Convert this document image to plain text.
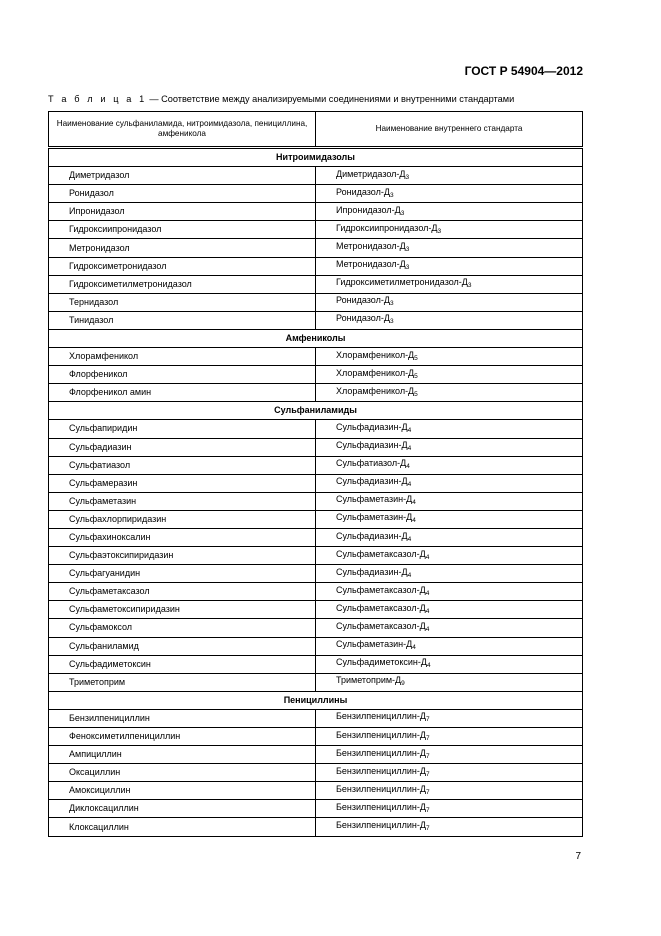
ГОСТ Р 54904—2012
Т а б л и ц а 1 — Соответствие между анализируемыми соединениями и внутренними стандартами
Наименование сульфаниламида, нитроимидазола, пенициллина, амфеникола	Наименование внутреннего стандарта
Нитроимидазолы	
Диметридазол	Диметридазол-$Д_3$
Ронидазол	Ронидазол-$Д_3$
Ипронидазол	Ипронидазол-$Д_3$
Гидроксиипронидазол	Гидроксиипронидазол-$Д_3$
Метронидазол	Метронидазол-$Д_3$
Гидроксиметронидазол	Метронидазол-$Д_3$
Гидроксиметилметронидазол	Гидроксиметилметронидазол-$Д_3$
Тернидазол	Ронидазол-$Д_3$
Тинидазол	Ронидазол-$Д_3$
Амфениколы	
Хлорамфеникол	Хлорамфеникол-$Д_5$
Флорфеникол	Хлорамфеникол-$Д_5$
Флорфеникол амин	Хлорамфеникол-$Д_5$
Сульфаниламиды	
Сульфапиридин	Сульфадиазин-$Д_4$
Сульфадиазин	Сульфадиазин-$Д_4$
Сульфатиазол	Сульфатиазол-$Д_4$
Сульфамеразин	Сульфадиазин-$Д_4$
Сульфаметазин	Сульфаметазин-$Д_4$
Сульфахлорпиридазин	Сульфаметазин-$Д_4$
Сульфахиноксалин	Сульфадиазин-$Д_4$
Сульфаэтоксипиридазин	Сульфаметаксазол-$Д_4$
Сульфагуанидин	Сульфадиазин-$Д_4$
Сульфаметаксазол	Сульфаметаксазол-$Д_4$
Сульфаметоксипиридазин	Сульфаметаксазол-$Д_4$
Сульфамоксол	Сульфаметаксазол-$Д_4$
Сульфаниламид	Сульфаметазин-$Д_4$
Сульфадиметоксин	Сульфадиметоксин-$Д_4$
Триметоприм	Триметоприм-$Д_9$
Пенициллины	
Бензилпенициллин	Бензилпенициллин-$Д_7$
Феноксиметилпенициллин	Бензилпенициллин-$Д_7$
Ампициллин	Бензилпенициллин-$Д_7$
Оксациллин	Бензилпенициллин-$Д_7$
Амоксициллин	Бензилпенициллин-$Д_7$
Диклоксациллин	Бензилпенициллин-$Д_7$
Клоксациллин	Бензилпенициллин-$Д_7$
7
